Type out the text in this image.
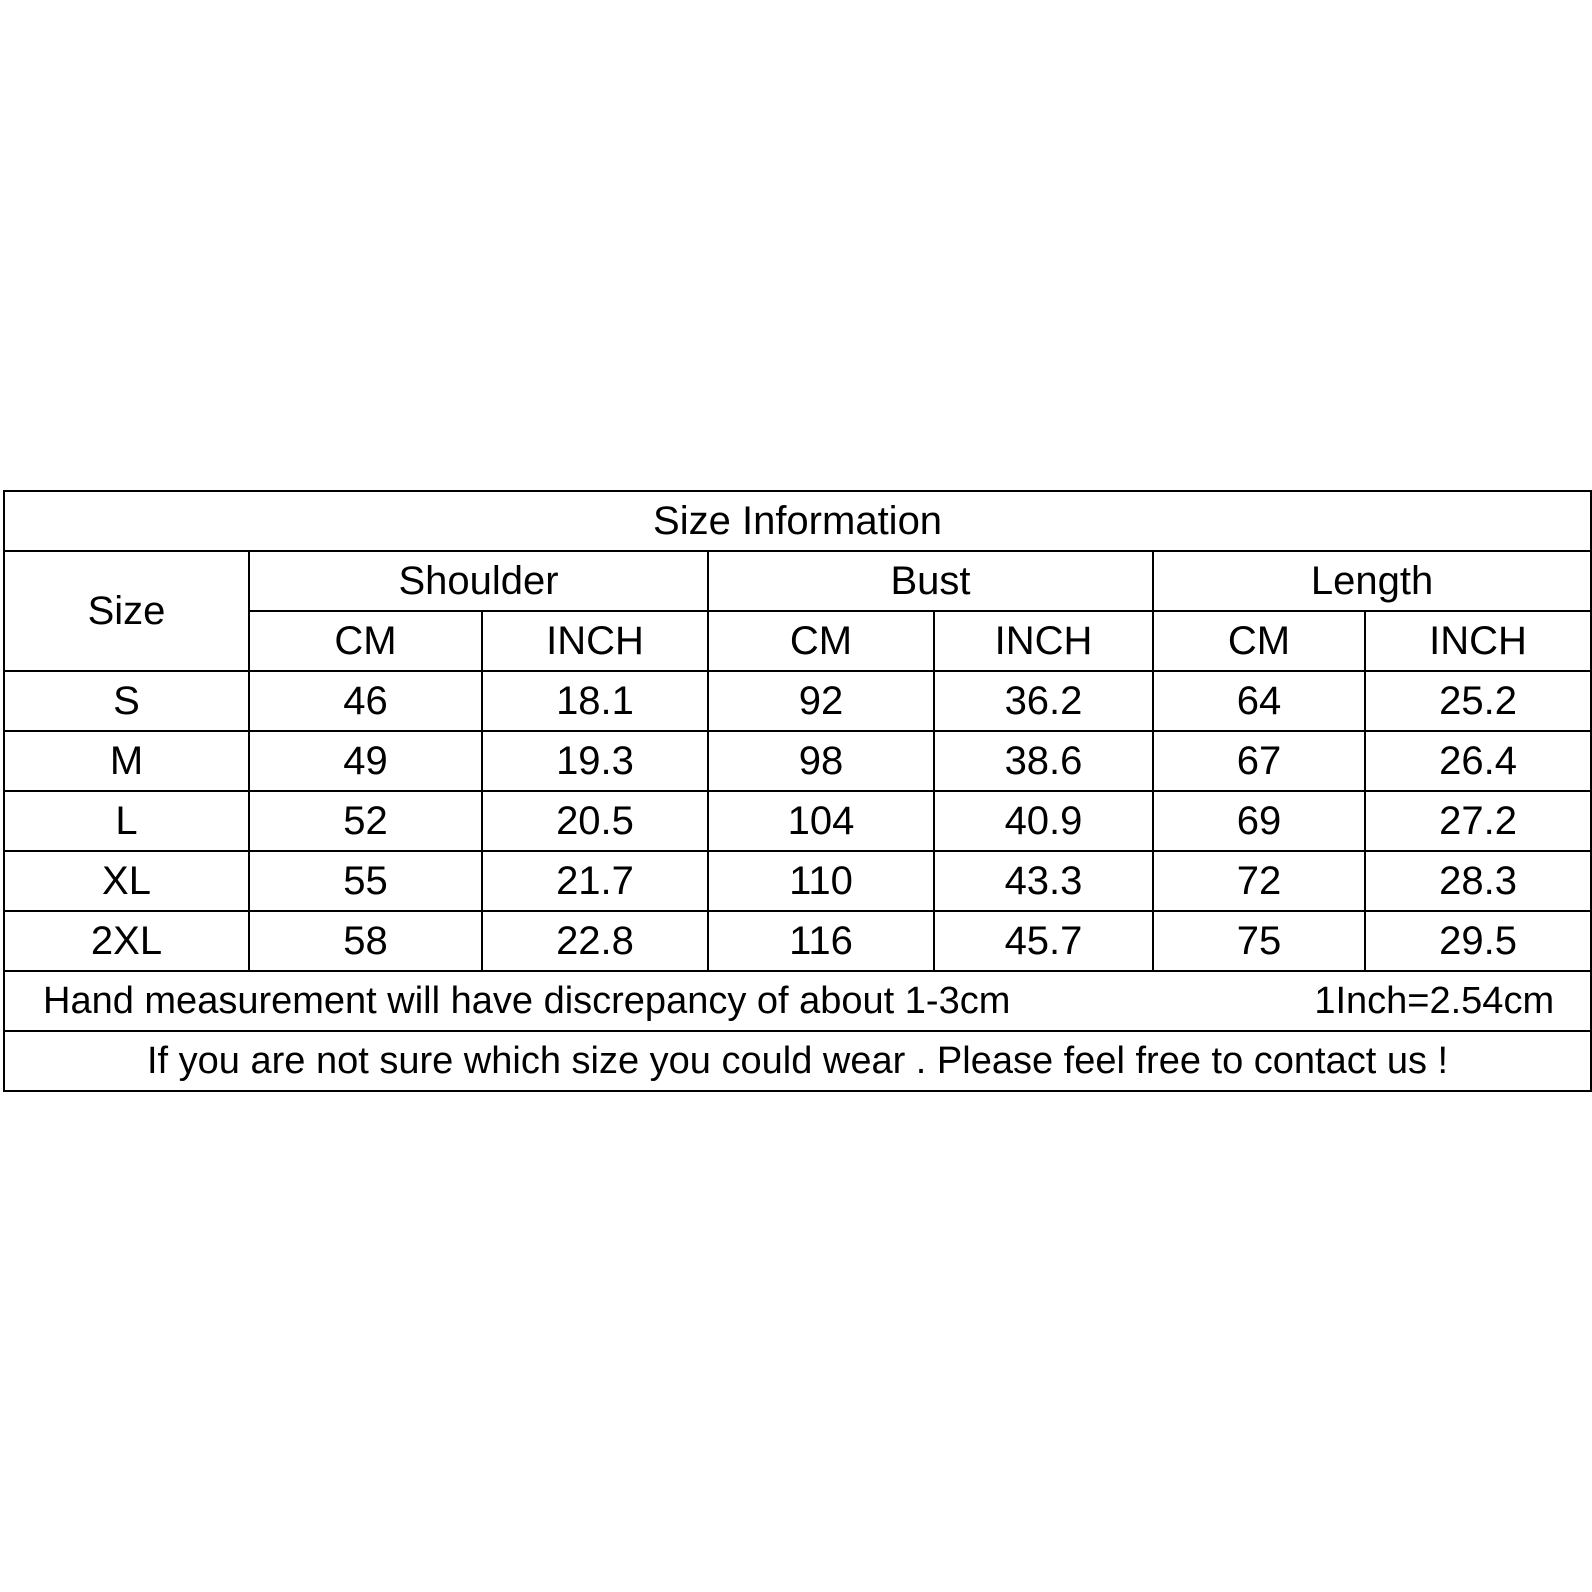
Size Information						
Size	Shoulder		Bust		Length	
	CM	INCH	CM	INCH	CM	INCH
S	46	18.1	92	36.2	64	25.2
M	49	19.3	98	38.6	67	26.4
L	52	20.5	104	40.9	69	27.2
XL	55	21.7	110	43.3	72	28.3
2XL	58	22.8	116	45.7	75	29.5

Hand measurement will have discrepancy of about 1-3cm 1Inch=2.54cm						

If you are not sure which size you could wear . Please feel free to contact us !						
